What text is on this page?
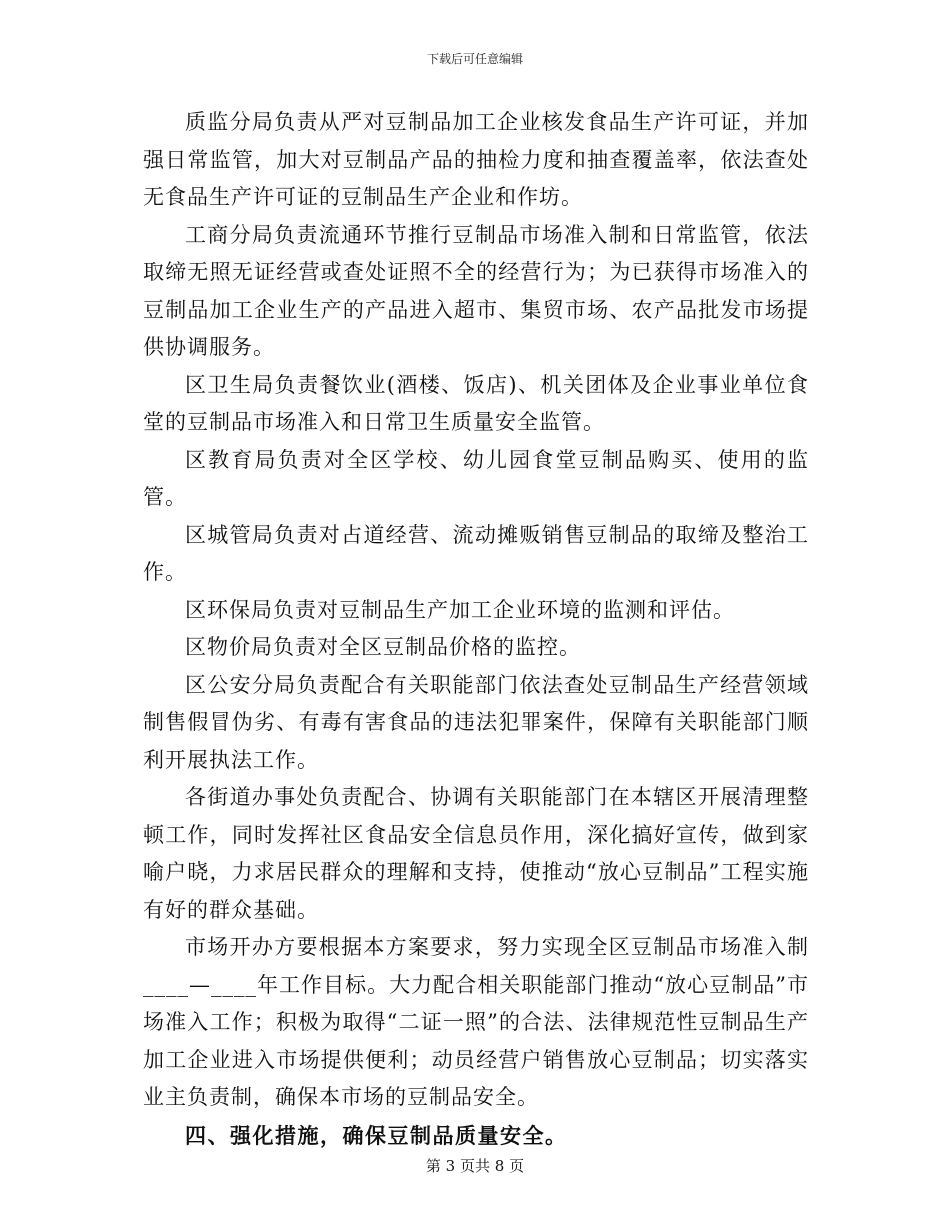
下载后可任意编辑

质监分局负责从严对豆制品加工企业核发食品生产许可证，并加强日常监管，加大对豆制品产品的抽检力度和抽查覆盖率，依法查处无食品生产许可证的豆制品生产企业和作坊。

工商分局负责流通环节推行豆制品市场准入制和日常监管，依法取缔无照无证经营或查处证照不全的经营行为；为已获得市场准入的豆制品加工企业生产的产品进入超市、集贸市场、农产品批发市场提供协调服务。

区卫生局负责餐饮业(酒楼、饭店)、机关团体及企业事业单位食堂的豆制品市场准入和日常卫生质量安全监管。

区教育局负责对全区学校、幼儿园食堂豆制品购买、使用的监管。

区城管局负责对占道经营、流动摊贩销售豆制品的取缔及整治工作。

区环保局负责对豆制品生产加工企业环境的监测和评估。

区物价局负责对全区豆制品价格的监控。

区公安分局负责配合有关职能部门依法查处豆制品生产经营领域制售假冒伪劣、有毒有害食品的违法犯罪案件，保障有关职能部门顺利开展执法工作。

各街道办事处负责配合、协调有关职能部门在本辖区开展清理整顿工作，同时发挥社区食品安全信息员作用，深化搞好宣传，做到家喻户晓，力求居民群众的理解和支持，使推动“放心豆制品”工程实施有好的群众基础。

市场开办方要根据本方案要求，努力实现全区豆制品市场准入制____—____年工作目标。大力配合相关职能部门推动“放心豆制品”市场准入工作；积极为取得“二证一照”的合法、法律规范性豆制品生产加工企业进入市场提供便利；动员经营户销售放心豆制品；切实落实业主负责制，确保本市场的豆制品安全。

四、强化措施，确保豆制品质量安全。

第 3 页共 8 页
